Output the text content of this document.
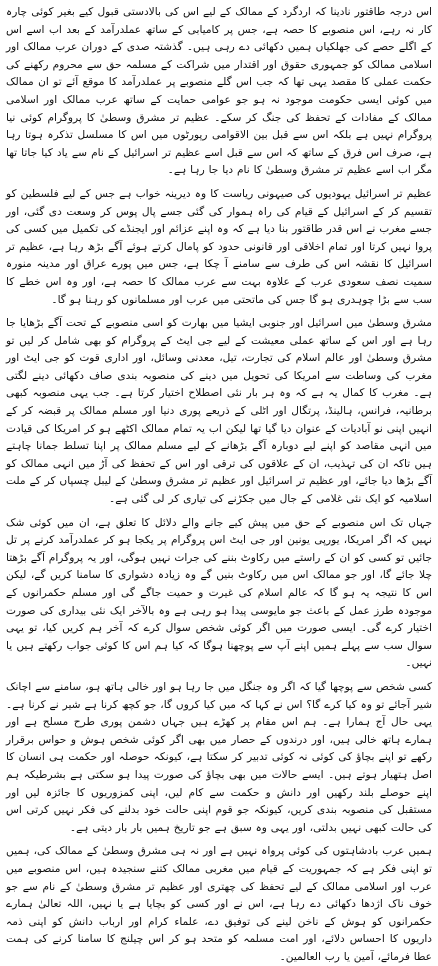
اس درجہ طاقتور نادینا کہ اردگرد کے ممالک کے لیے اس کی بالادستی قبول کیے بغیر کوئی چارہ کار نہ رہے، اس منصوبے کا حصہ ہے، جس پر کامیابی کے ساتھ عملدرآمد کے بعد اب اسے اس کے اگلے حصے کی جھلکیاں ہمیں دکھائی دے رہی ہیں۔ گذشتہ صدی کے دوران عرب ممالک اور اسلامی ممالک کو جمہوری حقوق اور اقتدار میں شراکت کے مسلمہ حق سے محروم رکھنے کی حکمت عملی کا مقصد یہی تھا کہ جب اس گلے منصوبے پر عملدرآمد کا موقع آئے تو ان ممالک میں کوئی ایسی حکومت موجود نہ ہو جو عوامی حمایت کے ساتھ عرب ممالک اور اسلامی ممالک کے مفادات کے تحفظ کی جنگ کر سکے۔ عظیم تر مشرق وسطیٰ کا پروگرام کوئی نیا پروگرام نہیں ہے بلکہ اس سے قبل بین الاقوامی رپورٹوں میں اس کا مسلسل تذکرہ ہوتا رہا ہے، صرف اس فرق کے ساتھ کہ اس سے قبل اسے عظیم تر اسرائیل کے نام سے یاد کیا جاتا تھا مگر اب اسے عظیم تر مشرق وسطیٰ کا نام دیا جا رہا ہے۔

عظیم تر اسرائیل یہودیوں کی صیہونی ریاست کا وہ دیرینہ خواب ہے جس کے لیے فلسطین کو تقسیم کر کے اسرائیل کے قیام کی راہ ہموار کی گئی جسے پال پوس کر وسعت دی گئی، اور جسے مغرب نے اس قدر طاقتور بنا دیا ہے کہ وہ اپنے عزائم اور ایجنڈے کی تکمیل میں کسی کی پروا نہیں کرتا اور تمام اخلاقی اور قانونی حدود کو پامال کرتے ہوئے آگے بڑھ رہا ہے، عظیم تر اسرائیل کا نقشہ اس کی طرف سے سامنے آ چکا ہے، جس میں پورے عراق اور مدینہ منورہ سمیت نصف سعودی عرب کے علاوہ بہت سے عرب ممالک کا حصہ ہے، اور وہ اس خطے کا سب سے بڑا چوہدری ہو گا جس کی ماتحتی میں عرب اور مسلمانوں کو رہنا ہو گا۔

مشرق وسطیٰ میں اسرائیل اور جنوبی ایشیا میں بھارت کو اسی منصوبے کے تحت آگے بڑھایا جا رہا ہے اور اس کے ساتھ عملی معیشت کے لیے جی ایٹ کے پروگرام کو بھی شامل کر لیں تو مشرق وسطیٰ اور عالم اسلام کی تجارت، تیل، معدنی وسائل، اور اداری قوت کو جی ایٹ اور مغرب کی وساطت سے امریکا کی تحویل میں دینے کی منصوبہ بندی صاف دکھائی دینے لگتی ہے۔ مغرب کا کمال یہ ہے کہ وہ ہر بار نئی اصطلاح اختیار کرتا ہے۔ جب یہی منصوبہ کبھی برطانیہ، فرانس، ہالینڈ، پرتگال اور اٹلی کے ذریعے پوری دنیا اور مسلم ممالک پر قبضہ کر کے انہیں اپنی نو آبادیات کے عنوان دیا گیا تھا لیکن اب یہ تمام ممالک اکٹھے ہو کر امریکا کی قیادت میں انہی مقاصد کو اپنے لیے دوبارہ آگے بڑھانے کے لیے مسلم ممالک پر اپنا تسلط جمانا چاہتے ہیں تاکہ ان کی تہذیب، ان کے علاقوں کی ترقی اور اس کے تحفظ کی آڑ میں انہی ممالک کو آگے بڑھا دیا جائے، اور عظیم تر اسرائیل اور عظیم تر مشرق وسطیٰ کے لیبل چسپاں کر کے ملت اسلامیہ کو ایک نئی غلامی کے جال میں جکڑنے کی تیاری کر لی گئی ہے۔

جہاں تک اس منصوبے کے حق میں پیش کیے جانے والے دلائل کا تعلق ہے، ان میں کوئی شک نہیں کہ اگر امریکا، یورپی یونین اور جی ایٹ اس پروگرام پر یکجا ہو کر عملدرآمد کرنے پر تل جائیں تو کسی کو ان کے راستے میں رکاوٹ بننے کی جرات نہیں ہوگی، اور یہ پروگرام آگے بڑھتا چلا جائے گا، اور جو ممالک اس میں رکاوٹ بنیں گے وہ زیادہ دشواری کا سامنا کریں گے، لیکن اس کا نتیجہ یہ ہو گا کہ عالم اسلام کی غیرت و حمیت جاگے گی اور مسلم حکمرانوں کے موجودہ طرز عمل کے باعث جو مایوسی پیدا ہو رہی ہے وہ بالآخر ایک نئی بیداری کی صورت اختیار کرے گی۔ ایسی صورت میں اگر کوئی شخص سوال کرے کہ آخر ہم کریں کیا، تو یہی سوال سب سے پہلے ہمیں اپنے آپ سے پوچھنا ہوگا کہ کیا ہم اس کا کوئی جواب رکھتے ہیں یا نہیں۔

کسی شخص سے پوچھا گیا کہ اگر وہ جنگل میں جا رہا ہو اور خالی ہاتھ ہو، سامنے سے اچانک شیر آجائے تو وہ کیا کرے گا؟ اس نے کہا کہ میں کیا کروں گا، جو کچھ کرنا ہے شیر نے کرنا ہے۔ یہی حال آج ہمارا ہے۔ ہم اس مقام پر کھڑے ہیں جہاں دشمن پوری طرح مسلح ہے اور ہمارے ہاتھ خالی ہیں، اور درندوں کے حصار میں بھی اگر کوئی شخص ہوش و حواس برقرار رکھے تو اپنے بچاؤ کی کوئی نہ کوئی تدبیر کر سکتا ہے، کیونکہ حوصلہ اور حکمت ہی انسان کا اصل ہتھیار ہوتے ہیں۔ ایسے حالات میں بھی بچاؤ کی صورت پیدا ہو سکتی ہے بشرطیکہ ہم اپنے حوصلے بلند رکھیں اور دانش و حکمت سے کام لیں، اپنی کمزوریوں کا جائزہ لیں اور مستقبل کی منصوبہ بندی کریں، کیونکہ جو قوم اپنی حالت خود بدلنے کی فکر نہیں کرتی اس کی حالت کبھی نہیں بدلتی، اور یہی وہ سبق ہے جو تاریخ ہمیں بار بار دیتی ہے۔

ہمیں عرب بادشاہتوں کی کوئی پرواہ نہیں ہے اور نہ ہی مشرق وسطیٰ کے ممالک کی، ہمیں تو اپنی فکر ہے کہ جمہوریت کے قیام میں مغربی ممالک کتنے سنجیدہ ہیں، اس منصوبے میں عرب اور اسلامی ممالک کے لیے تحفظ کی چھتری اور عظیم تر مشرق وسطیٰ کے نام سے جو خوف ناک اژدھا دکھائی دے رہا ہے، اس نے اور کسی کو بچایا ہے یا نہیں، اللہ تعالیٰ ہمارے حکمرانوں کو ہوش کے ناخن لینے کی توفیق دے، علماء کرام اور ارباب دانش کو اپنی ذمہ داریوں کا احساس دلائے، اور امت مسلمہ کو متحد ہو کر اس چیلنج کا سامنا کرنے کی ہمت عطا فرمائے، آمین یا رب العالمین۔
